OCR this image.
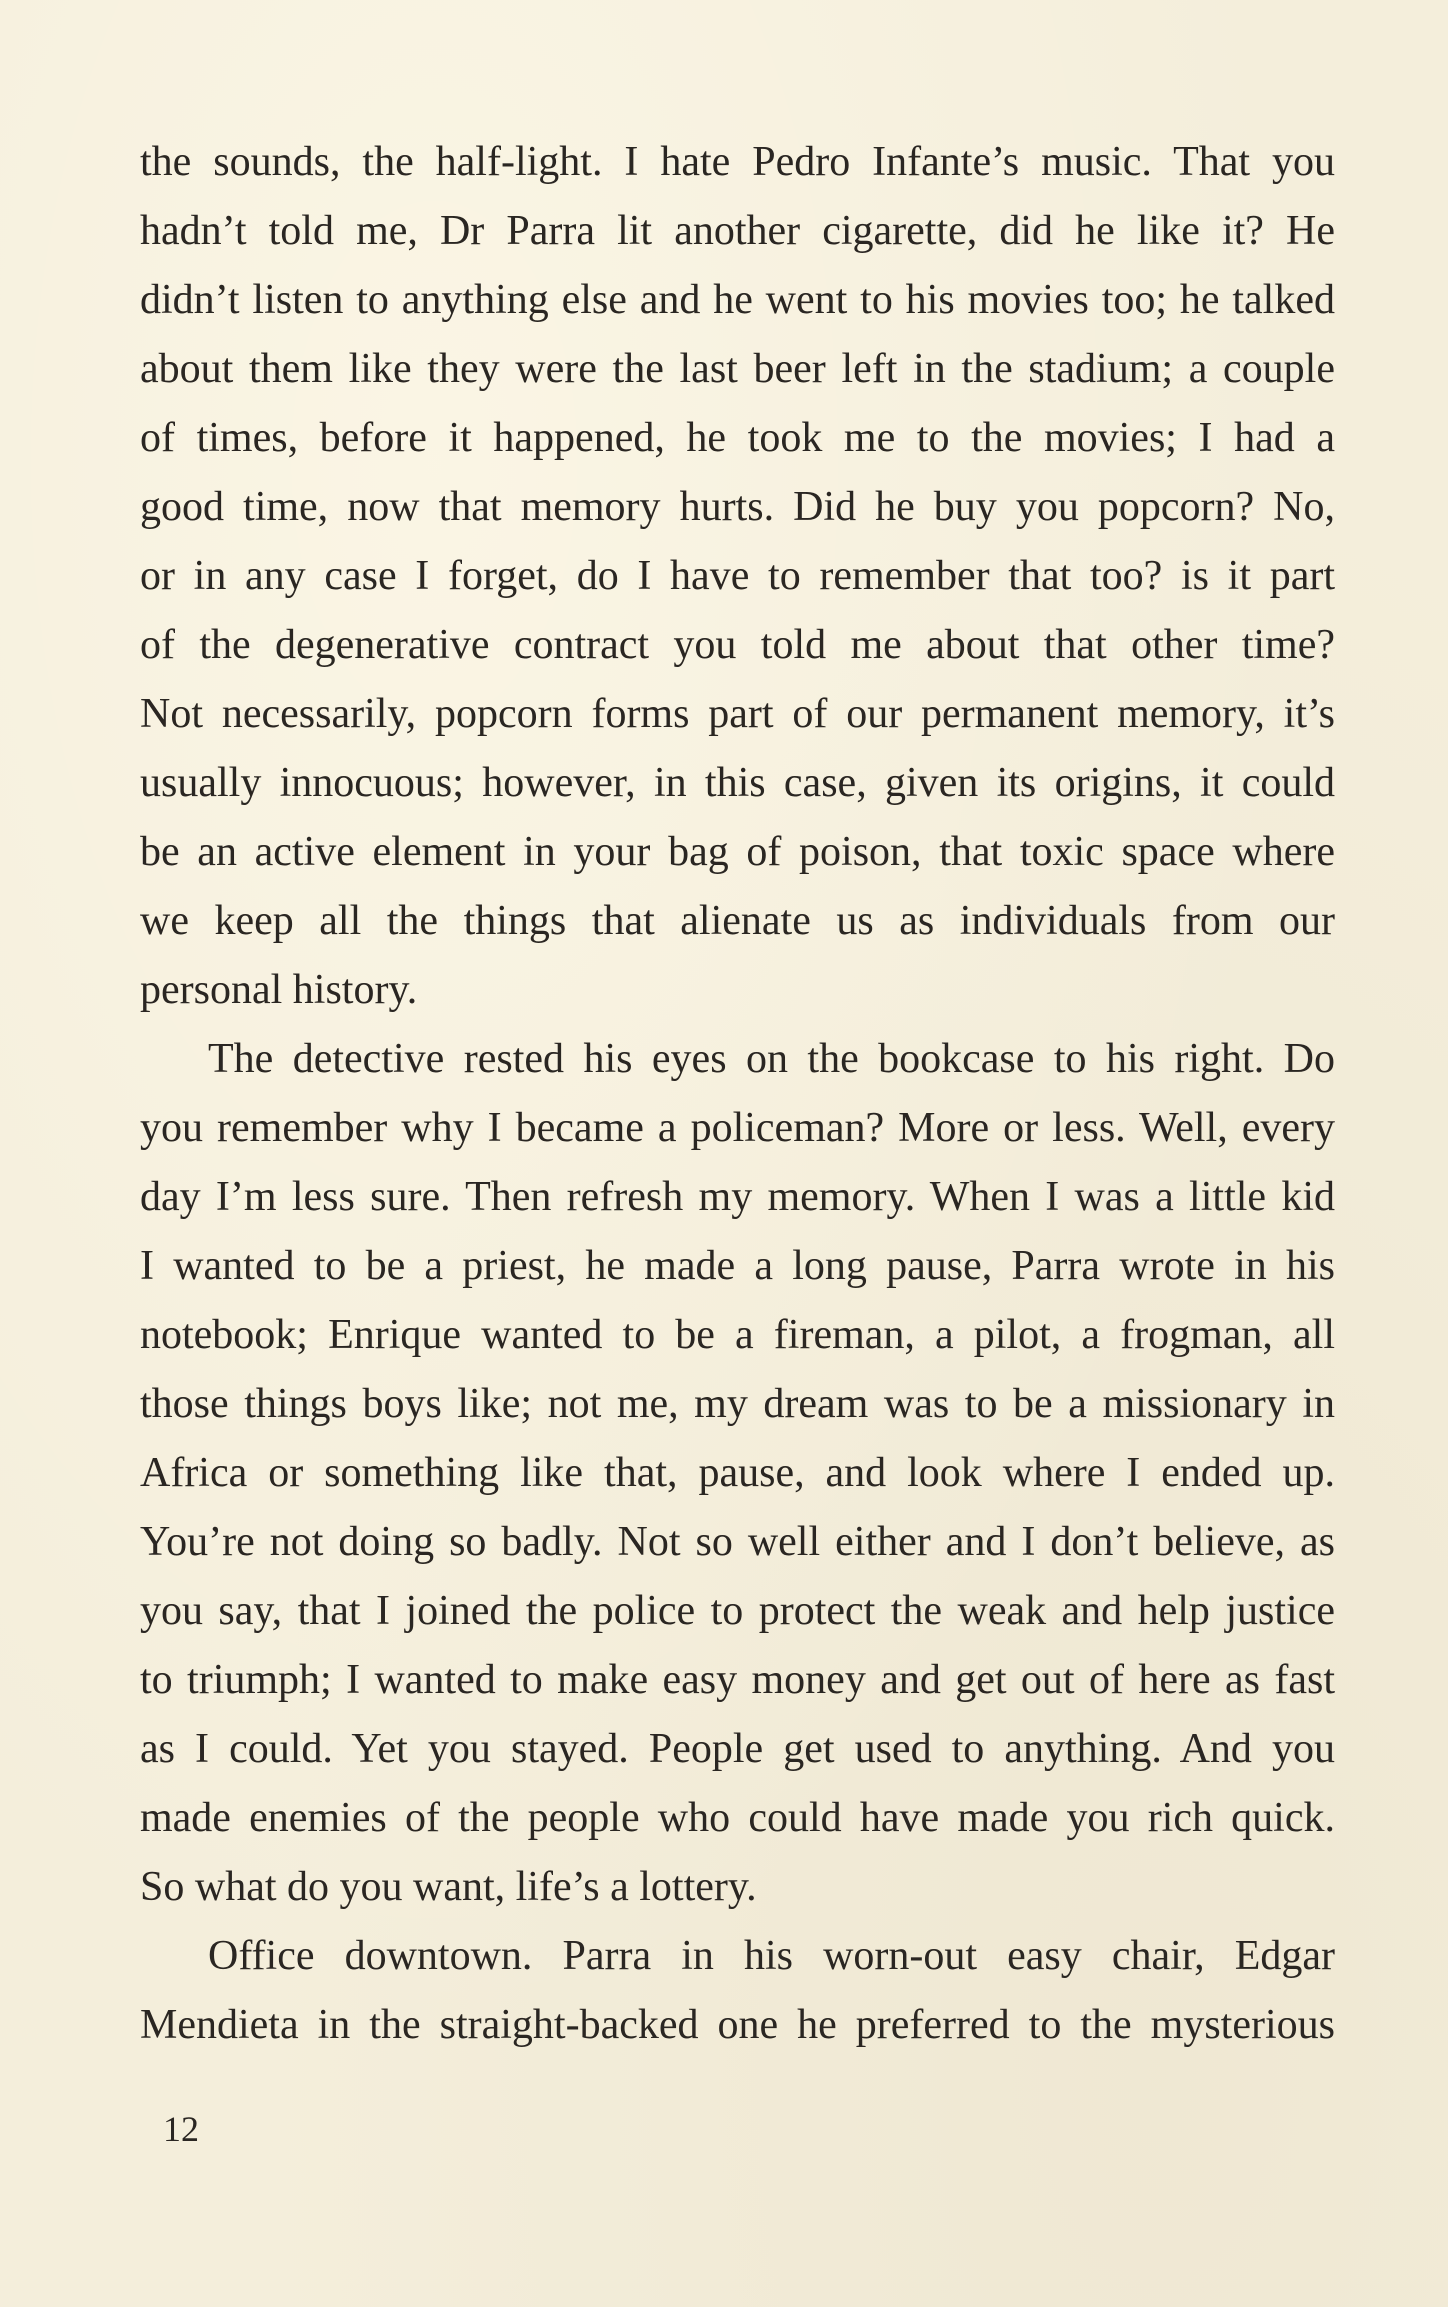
the sounds, the half-light. I hate Pedro Infante’s music. That you
hadn’t told me, Dr Parra lit another cigarette, did he like it? He
didn’t listen to anything else and he went to his movies too; he talked
about them like they were the last beer left in the stadium; a couple
of times, before it happened, he took me to the movies; I had a
good time, now that memory hurts. Did he buy you popcorn? No,
or in any case I forget, do I have to remember that too? is it part
of the degenerative contract you told me about that other time?
Not necessarily, popcorn forms part of our permanent memory, it’s
usually innocuous; however, in this case, given its origins, it could
be an active element in your bag of poison, that toxic space where
we keep all the things that alienate us as individuals from our
personal history.
The detective rested his eyes on the bookcase to his right. Do
you remember why I became a policeman? More or less. Well, every
day I’m less sure. Then refresh my memory. When I was a little kid
I wanted to be a priest, he made a long pause, Parra wrote in his
notebook; Enrique wanted to be a fireman, a pilot, a frogman, all
those things boys like; not me, my dream was to be a missionary in
Africa or something like that, pause, and look where I ended up.
You’re not doing so badly. Not so well either and I don’t believe, as
you say, that I joined the police to protect the weak and help justice
to triumph; I wanted to make easy money and get out of here as fast
as I could. Yet you stayed. People get used to anything. And you
made enemies of the people who could have made you rich quick.
So what do you want, life’s a lottery.
Office downtown. Parra in his worn-out easy chair, Edgar
Mendieta in the straight-backed one he preferred to the mysterious
12
